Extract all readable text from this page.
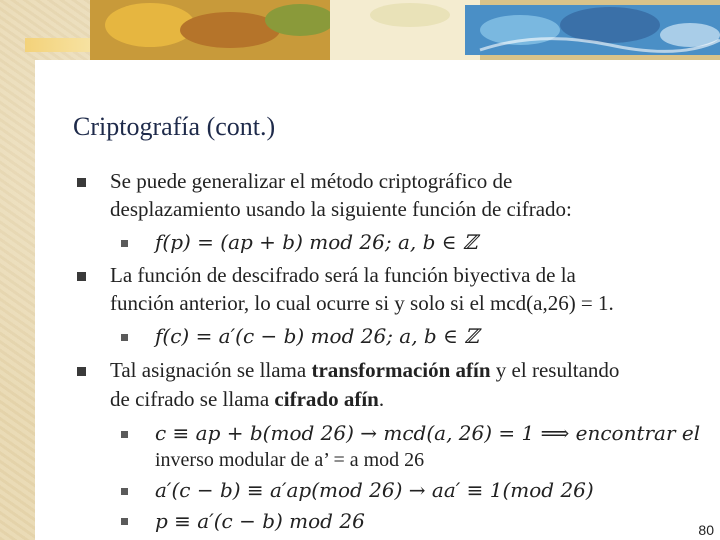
Criptografía (cont.)
Se puede generalizar el método criptográfico de
desplazamiento usando la siguiente función de cifrado:
f(p) = (ap + b) mod 26; a, b ∈ ℤ
La función de descifrado será la función biyectiva de la
función anterior, lo cual ocurre si y solo si el mcd(a,26) = 1.
f(c) = a′(c − b) mod 26; a, b ∈ ℤ
Tal asignación se llama transformación afín y el resultando
de cifrado se llama cifrado afín.
c ≡ ap + b(mod 26) → mcd(a, 26) = 1 ⟹ encontrar el
inverso modular de a’ = a mod 26
a′(c − b) ≡ a′ap(mod 26) → aa′ ≡ 1(mod 26)
p ≡ a′(c − b) mod 26	80
